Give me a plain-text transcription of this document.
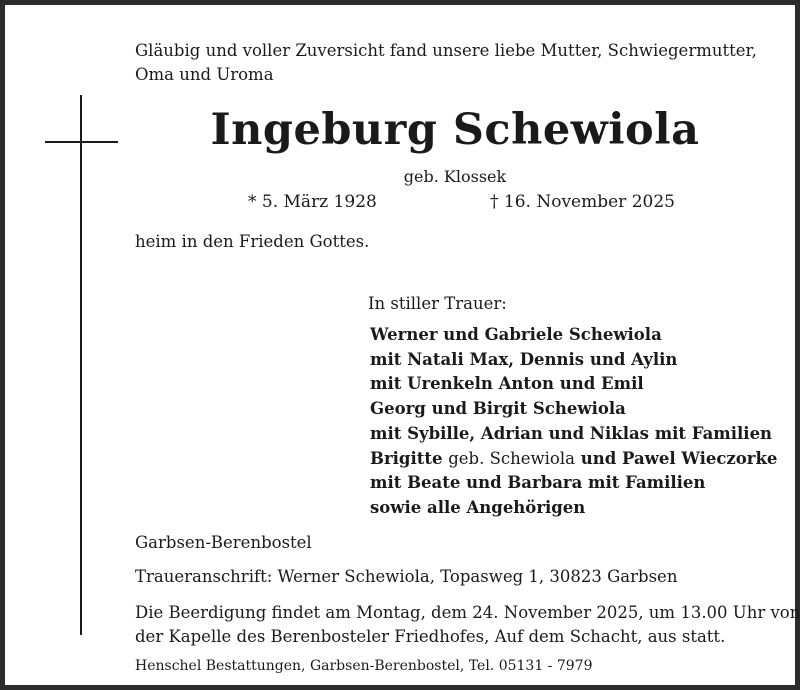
Gläubig und voller Zuversicht fand unsere liebe Mutter, Schwiegermutter,
Oma und Uroma
Ingeburg Schewiola
geb. Klossek
* 5. März 1928	† 16. November 2025
heim in den Frieden Gottes.
In stiller Trauer:
Werner und Gabriele Schewiola
mit Natali Max, Dennis und Aylin
mit Urenkeln Anton und Emil
Georg und Birgit Schewiola
mit Sybille, Adrian und Niklas mit Familien
Brigitte geb. Schewiola und Pawel Wieczorke
mit Beate und Barbara mit Familien
sowie alle Angehörigen
Garbsen-Berenbostel
Traueranschrift: Werner Schewiola, Topasweg 1, 30823 Garbsen
Die Beerdigung findet am Montag, dem 24. November 2025, um 13.00 Uhr von
der Kapelle des Berenbosteler Friedhofes, Auf dem Schacht, aus statt.
Henschel Bestattungen, Garbsen-Berenbostel, Tel. 05131 - 7979
